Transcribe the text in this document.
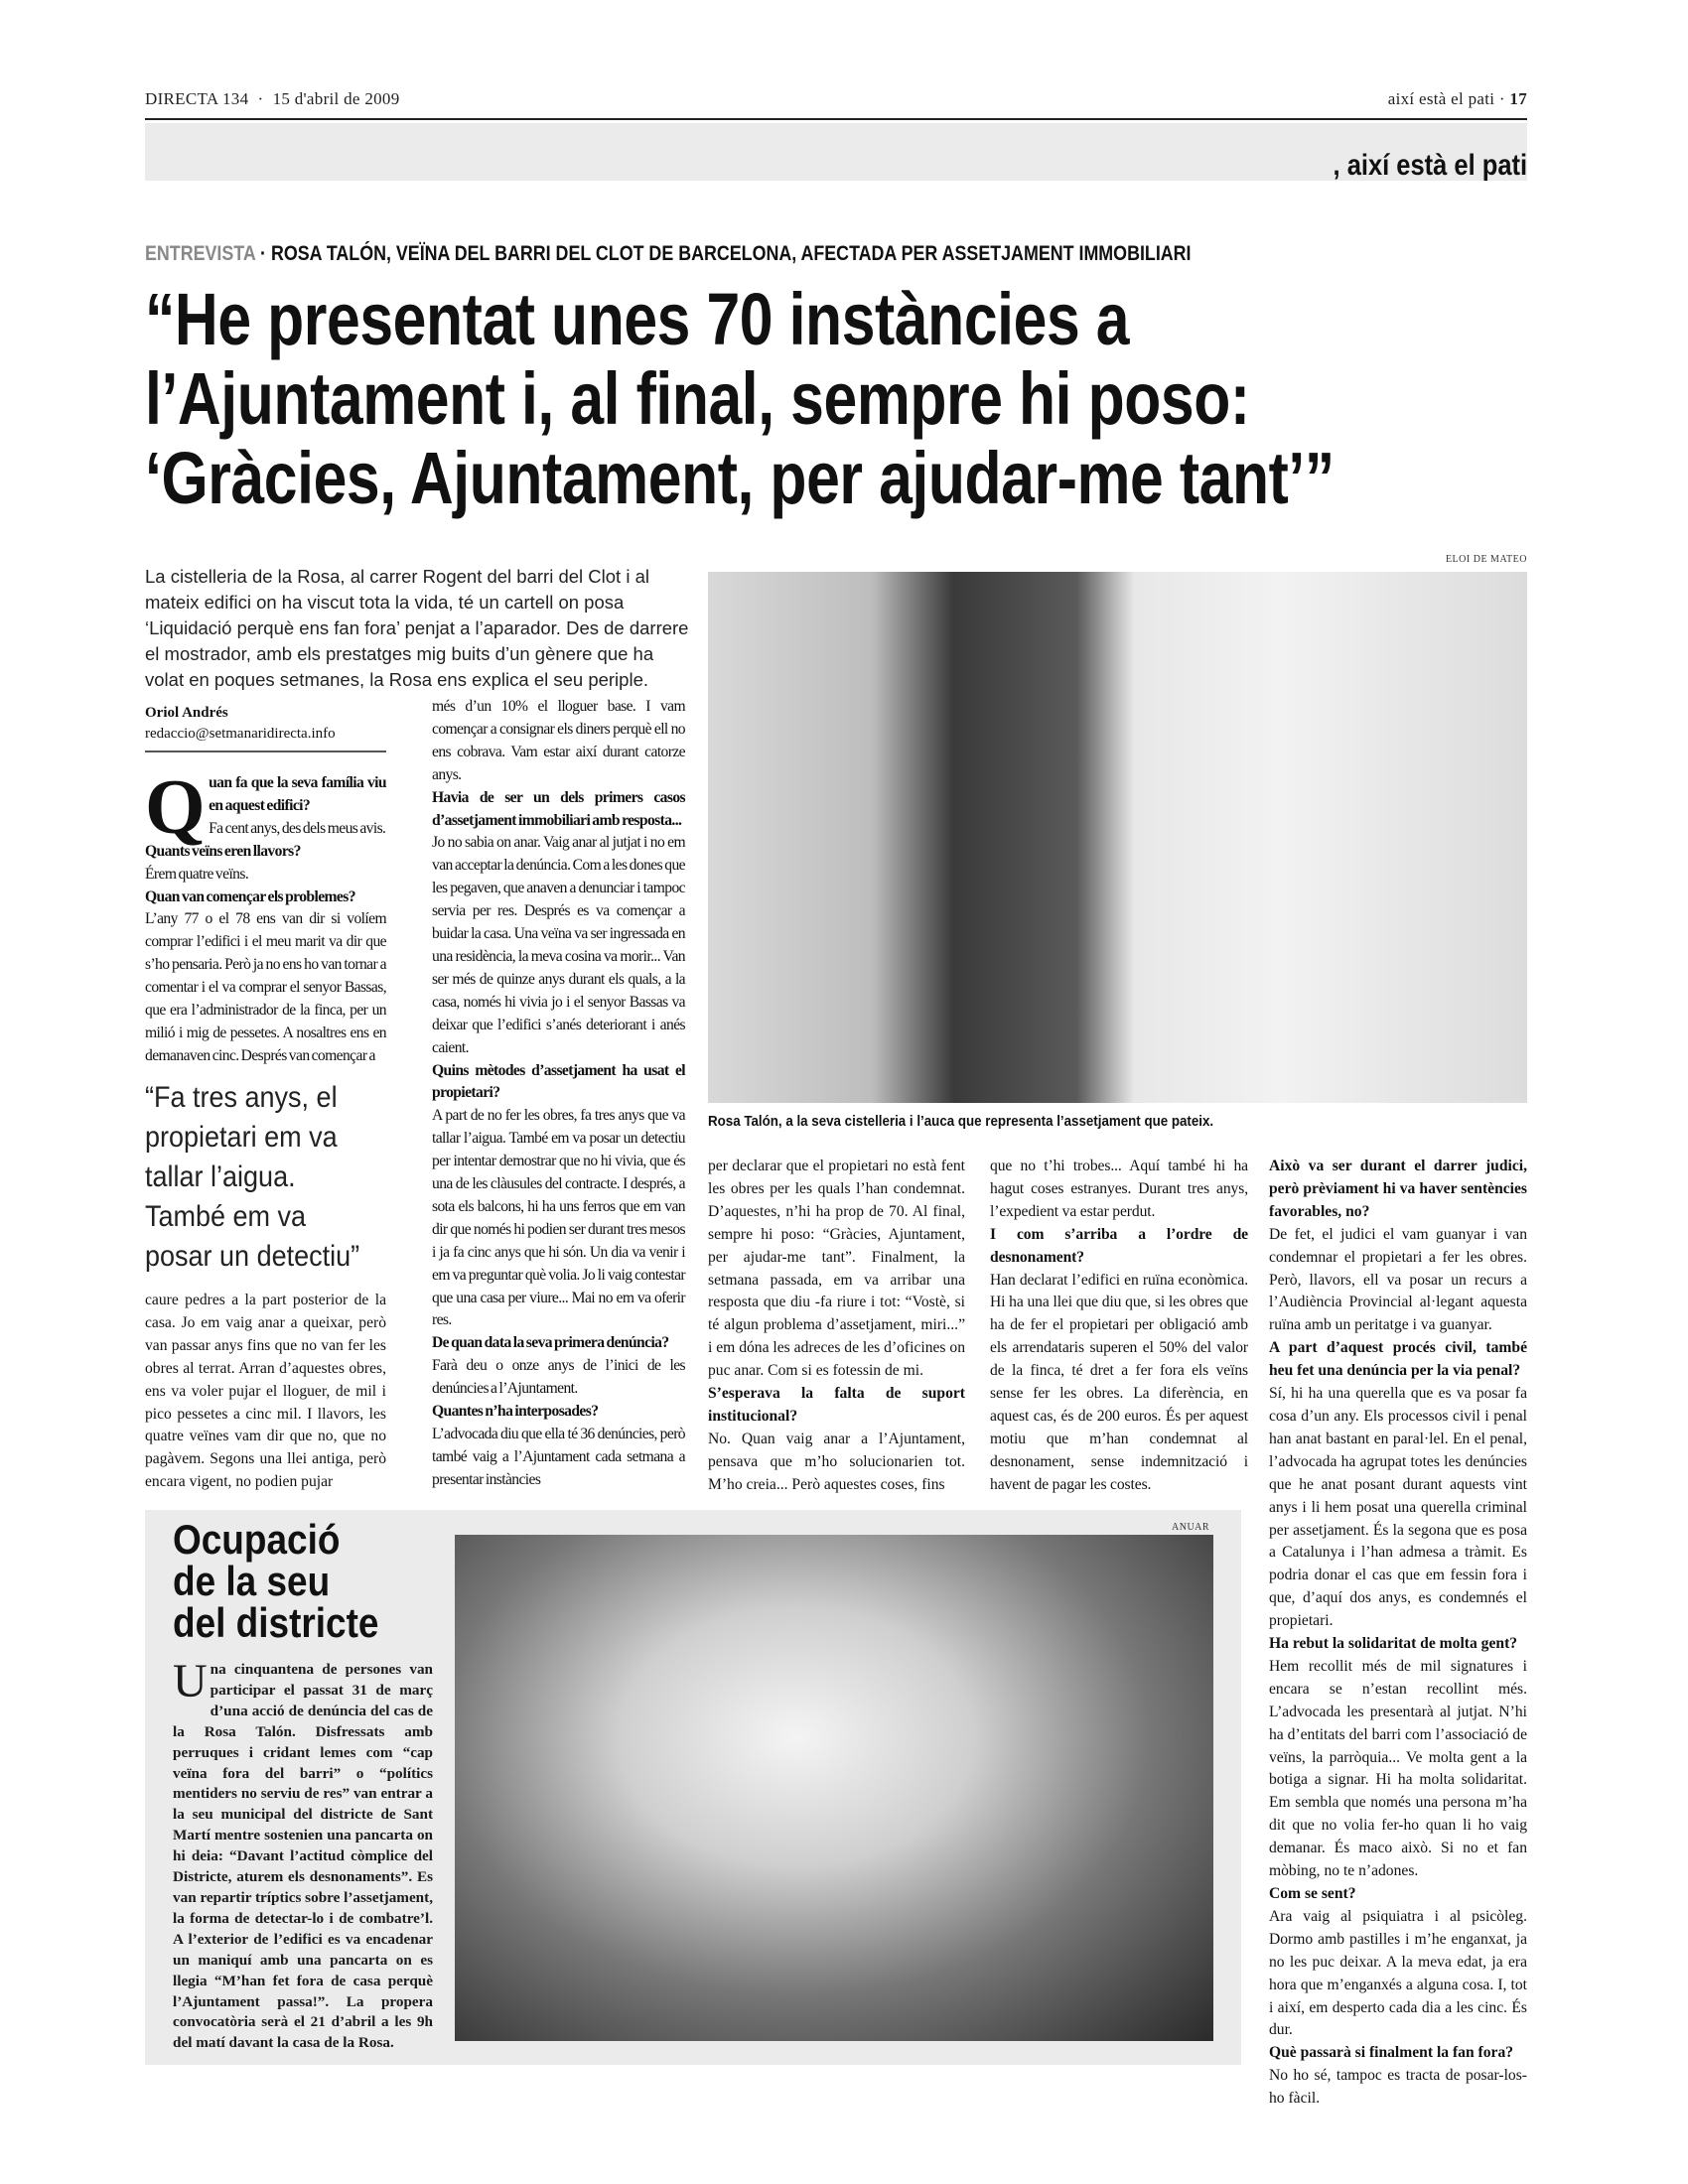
DIRECTA 134 · 15 d'abril de 2009	així està el pati · 17
, així està el pati
ENTREVISTA · ROSA TALÓN, VEÏNA DEL BARRI DEL CLOT DE BARCELONA, AFECTADA PER ASSETJAMENT IMMOBILIARI
“He presentat unes 70 instàncies a
l’Ajuntament i, al final, sempre hi poso:
‘Gràcies, Ajuntament, per ajudar-me tant’”
La cistelleria de la Rosa, al carrer Rogent del barri del Clot i al mateix edifici on ha viscut tota la vida, té un cartell on posa ‘Liquidació perquè ens fan fora’ penjat a l’aparador. Des de darrere el mostrador, amb els prestatges mig buits d’un gènere que ha volat en poques setmanes, la Rosa ens explica el seu periple.
ELOI DE MATEO
Rosa Talón, a la seva cistelleria i l’auca que representa l’assetjament que pateix.
Oriol Andrés
redaccio@setmanaridirecta.info
Quan fa que la seva família viu en aquest edifici?
Fa cent anys, des dels meus avis.
Quants veïns eren llavors?
Érem quatre veïns.
Quan van començar els problemes?
L’any 77 o el 78 ens van dir si volíem comprar l’edifici i el meu marit va dir que s’ho pensaria. Però ja no ens ho van tornar a comentar i el va comprar el senyor Bassas, que era l’administrador de la finca, per un milió i mig de pessetes. A nosaltres ens en demanaven cinc. Després van començar a
“Fa tres anys, el propietari em va tallar l’aigua. També em va posar un detectiu”
caure pedres a la part posterior de la casa. Jo em vaig anar a queixar, però van passar anys fins que no van fer les obres al terrat. Arran d’aquestes obres, ens va voler pujar el lloguer, de mil i pico pessetes a cinc mil. I llavors, les quatre veïnes vam dir que no, que no pagàvem. Segons una llei antiga, però encara vigent, no podien pujar
més d’un 10% el lloguer base. I vam començar a consignar els diners perquè ell no ens cobrava. Vam estar així durant catorze anys.
Havia de ser un dels primers casos d’assetjament immobiliari amb resposta...
Jo no sabia on anar. Vaig anar al jutjat i no em van acceptar la denúncia. Com a les dones que les pegaven, que anaven a denunciar i tampoc servia per res. Després es va començar a buidar la casa. Una veïna va ser ingressada en una residència, la meva cosina va morir... Van ser més de quinze anys durant els quals, a la casa, només hi vivia jo i el senyor Bassas va deixar que l’edifici s’anés deteriorant i anés caient.
Quins mètodes d’assetjament ha usat el propietari?
A part de no fer les obres, fa tres anys que va tallar l’aigua. També em va posar un detectiu per intentar demostrar que no hi vivia, que és una de les clàusules del contracte. I després, a sota els balcons, hi ha uns ferros que em van dir que només hi podien ser durant tres mesos i ja fa cinc anys que hi són. Un dia va venir i em va preguntar què volia. Jo li vaig contestar que una casa per viure... Mai no em va oferir res.
De quan data la seva primera denúncia?
Farà deu o onze anys de l’inici de les denúncies a l’Ajuntament.
Quantes n’ha interposades?
L’advocada diu que ella té 36 denúncies, però també vaig a l’Ajuntament cada setmana a presentar instàncies
per declarar que el propietari no està fent les obres per les quals l’han condemnat. D’aquestes, n’hi ha prop de 70. Al final, sempre hi poso: “Gràcies, Ajuntament, per ajudar-me tant”. Finalment, la setmana passada, em va arribar una resposta que diu -fa riure i tot: “Vostè, si té algun problema d’assetjament, miri...” i em dóna les adreces de les d’oficines on puc anar. Com si es fotessin de mi.
S’esperava la falta de suport institucional?
No. Quan vaig anar a l’Ajuntament, pensava que m’ho solucionarien tot. M’ho creia... Però aquestes coses, fins
que no t’hi trobes... Aquí també hi ha hagut coses estranyes. Durant tres anys, l’expedient va estar perdut.
I com s’arriba a l’ordre de desnonament?
Han declarat l’edifici en ruïna econòmica. Hi ha una llei que diu que, si les obres que ha de fer el propietari per obligació amb els arrendataris superen el 50% del valor de la finca, té dret a fer fora els veïns sense fer les obres. La diferència, en aquest cas, és de 200 euros. És per aquest motiu que m’han condemnat al desnonament, sense indemnització i havent de pagar les costes.
Això va ser durant el darrer judici, però prèviament hi va haver sentències favorables, no?
De fet, el judici el vam guanyar i van condemnar el propietari a fer les obres. Però, llavors, ell va posar un recurs a l’Audiència Provincial al·legant aquesta ruïna amb un peritatge i va guanyar.
A part d’aquest procés civil, també heu fet una denúncia per la via penal?
Sí, hi ha una querella que es va posar fa cosa d’un any. Els processos civil i penal han anat bastant en paral·lel. En el penal, l’advocada ha agrupat totes les denúncies que he anat posant durant aquests vint anys i li hem posat una querella criminal per assetjament. És la segona que es posa a Catalunya i l’han admesa a tràmit. Es podria donar el cas que em fessin fora i que, d’aquí dos anys, es condemnés el propietari.
Ha rebut la solidaritat de molta gent?
Hem recollit més de mil signatures i encara se n’estan recollint més. L’advocada les presentarà al jutjat. N’hi ha d’entitats del barri com l’associació de veïns, la parròquia... Ve molta gent a la botiga a signar. Hi ha molta solidaritat. Em sembla que només una persona m’ha dit que no volia fer-ho quan li ho vaig demanar. És maco això. Si no et fan mòbing, no te n’adones.
Com se sent?
Ara vaig al psiquiatra i al psicòleg. Dormo amb pastilles i m’he enganxat, ja no les puc deixar. A la meva edat, ja era hora que m’enganxés a alguna cosa. I, tot i així, em desperto cada dia a les cinc. És dur.
Què passarà si finalment la fan fora?
No ho sé, tampoc es tracta de posar-los-ho fàcil.
Ocupació
de la seu
del districte
Una cinquantena de persones van participar el passat 31 de març d’una acció de denúncia del cas de la Rosa Talón. Disfressats amb perruques i cridant lemes com “cap veïna fora del barri” o “polítics mentiders no serviu de res” van entrar a la seu municipal del districte de Sant Martí mentre sostenien una pancarta on hi deia: “Davant l’actitud còmplice del Districte, aturem els desnonaments”. Es van repartir tríptics sobre l’assetjament, la forma de detectar-lo i de combatre’l. A l’exterior de l’edifici es va encadenar un maniquí amb una pancarta on es llegia “M’han fet fora de casa perquè l’Ajuntament passa!”. La propera convocatòria serà el 21 d’abril a les 9h del matí davant la casa de la Rosa.
ANUAR
